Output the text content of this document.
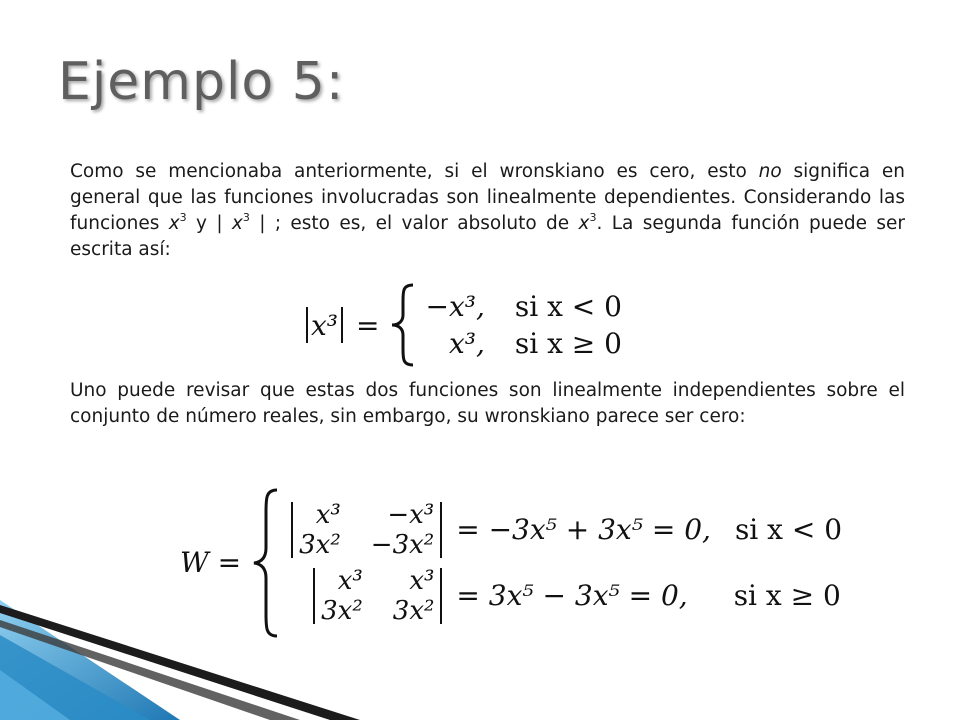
Ejemplo 5:

Como se mencionaba anteriormente, si el wronskiano es cero, esto no significa en general que las funciones involucradas son linealmente dependientes. Considerando las funciones $x^3$ y | $x^3$ | ; esto es, el valor absoluto de $x^3$. La segunda función puede ser escrita así:

x³ =
−x³, si x < 0
x³, si x ≥ 0

Uno puede revisar que estas dos funciones son linealmente independientes sobre el conjunto de número reales, sin embargo, su wronskiano parece ser cero:

W =
x³	−x³
3x² −3x² = −3x⁵ + 3x⁵ = 0, si x < 0
x³	x³
3x² 3x² = 3x⁵ − 3x⁵ = 0, si x ≥ 0
